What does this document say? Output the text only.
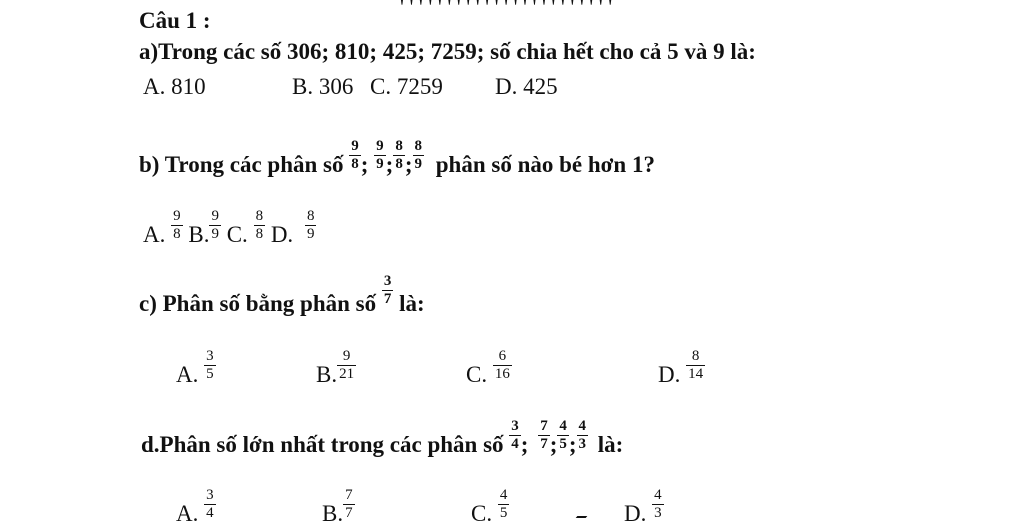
' ' ' ' ' ' ' ' ' ' ' ' ' ' ' ' ' ' ' ' ' ' '
Câu 1 :
a)Trong các số 306; 810; 425; 7259; số chia hết cho cả 5 và 9 là:
A. 810	B. 306 C. 7259 D. 425
b) Trong các phân số $\frac{9}{8}$ ; $\frac{9}{9}$ ; $\frac{8}{8}$ ; $\frac{8}{9}$ phân số nào bé hơn 1?
A. $\frac{9}{8} B$. $\frac{9}{9} C$. $\frac{8}{8} D$. $\frac{8}{9}$
c) Phân số bằng phân số $\frac{3}{7}$ là:
A. $\frac{3}{5}$	B. $\frac{9}{21}$	C. $\frac{6}{16}$	D. $\frac{8}{14}$
d.Phân số lớn nhất trong các phân số $\frac{3}{4}$ ; $\frac{7}{7}$ ; $\frac{4}{5}$ ; $\frac{4}{3}$ là:
A. $\frac{3}{4}$	B. $\frac{7}{7}$	C. $\frac{4}{5}$	D. $\frac{4}{3}$
